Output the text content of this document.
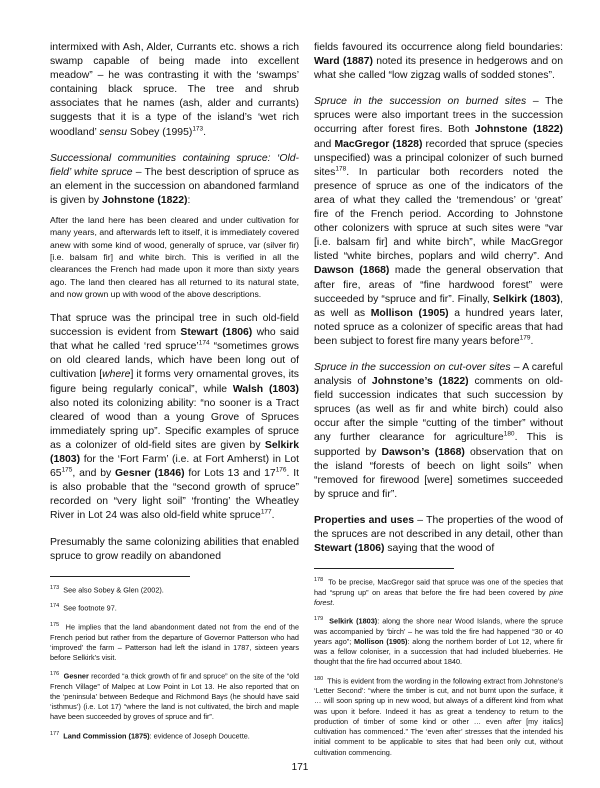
intermixed with Ash, Alder, Currants etc. shows a rich swamp capable of being made into excellent meadow” – he was contrasting it with the ‘swamps’ containing black spruce. The tree and shrub associates that he names (ash, alder and currants) suggests that it is a type of the island’s ‘wet rich woodland’ sensu Sobey $(1995)^{173}$.

Successional communities containing spruce: ‘Old-field’ white spruce – The best description of spruce as an element in the succession on abandoned farmland is given by Johnstone (1822):

After the land here has been cleared and under cultivation for many years, and afterwards left to itself, it is immediately covered anew with some kind of wood, generally of spruce, var (silver fir) [i.e. balsam fir] and white birch. This is verified in all the clearances the French had made upon it more than sixty years ago. The land then cleared has all returned to its natural state, and now grown up with wood of the above descriptions.

That spruce was the principal tree in such old-field succession is evident from Stewart (1806) who said that what he called ‘red spruce’$^{174}$ “sometimes grows on old cleared lands, which have been long out of cultivation [where] it forms very ornamental groves, its figure being regularly conical”, while Walsh (1803) also noted its colonizing ability: “no sooner is a Tract cleared of wood than a young Grove of Spruces immediately spring up”. Specific examples of spruce as a colonizer of old-field sites are given by Selkirk (1803) for the ‘Fort Farm’ (i.e. at Fort Amherst) in Lot $65^{175}$, and by Gesner (1846) for Lots 13 and $17^{176}$. It is also probable that the “second growth of spruce” recorded on “very light soil” ‘fronting’ the Wheatley River in Lot 24 was also old-field white spruce$^{177}$.

Presumably the same colonizing abilities that enabled spruce to grow readily on abandoned

$^{173}$  See also Sobey & Glen (2002).
$^{174}$  See footnote 97.
$^{175}$  He implies that the land abandonment dated not from the end of the French period but rather from the departure of Governor Patterson who had ‘improved’ the farm – Patterson had left the island in 1787, sixteen years before Selkirk’s visit.
$^{176}$ Gesner recorded “a thick growth of fir and spruce” on the site of the “old French Village” of Malpec at Low Point in Lot 13. He also reported that on the ‘peninsula’ between Bedeque and Richmond Bays (he should have said ‘isthmus’) (i.e. Lot 17) “where the land is not cultivated, the birch and maple have been succeeded by groves of spruce and fir”.
$^{177}$ Land Commission (1875): evidence of Joseph Doucette.

fields favoured its occurrence along field boundaries: Ward (1887) noted its presence in hedgerows and on what she called “low zigzag walls of sodded stones”.

Spruce in the succession on burned sites – The spruces were also important trees in the succession occurring after forest fires. Both Johnstone (1822) and MacGregor (1828) recorded that spruce (species unspecified) was a principal colonizer of such burned sites$^{178}$. In particular both recorders noted the presence of spruce as one of the indicators of the area of what they called the ‘tremendous’ or ‘great’ fire of the French period. According to Johnstone other colonizers with spruce at such sites were “var [i.e. balsam fir] and white birch”, while MacGregor listed “white birches, poplars and wild cherry”. And Dawson (1868) made the general observation that after fire, areas of “fine hardwood forest” were succeeded by “spruce and fir”. Finally, Selkirk (1803), as well as Mollison (1905) a hundred years later, noted spruce as a colonizer of specific areas that had been subject to forest fire many years before$^{179}$.

Spruce in the succession on cut-over sites – A careful analysis of Johnstone’s (1822) comments on old-field succession indicates that such succession by spruces (as well as fir and white birch) could also occur after the simple “cutting of the timber” without any further clearance for agriculture$^{180}$. This is supported by Dawson’s (1868) observation that on the island “forests of beech on light soils” when “removed for firewood [were] sometimes succeeded by spruce and fir”.

Properties and uses – The properties of the wood of the spruces are not described in any detail, other than Stewart (1806) saying that the wood of

$^{178}$  To be precise, MacGregor said that spruce was one of the species that had “sprung up” on areas that before the fire had been covered by pine forest.
$^{179}$ Selkirk (1803): along the shore near Wood Islands, where the spruce was accompanied by ‘birch’ – he was told the fire had happened “30 or 40 years ago”; Mollison (1905): along the northern border of Lot 12, where fir was a fellow coloniser, in a succession that had included blueberries. He thought that the fire had occurred about 1840.
$^{180}$  This is evident from the wording in the following extract from Johnstone’s ‘Letter Second’: “where the timber is cut, and not burnt upon the surface, it … will soon spring up in new wood, but always of a different kind from what was upon it before. Indeed it has as great a tendency to return to the production of timber of some kind or other … even after [my italics] cultivation has commenced.” The ‘even after’ stresses that the intended his initial comment to be applicable to sites that had been only cut, without cultivation commencing.
171
